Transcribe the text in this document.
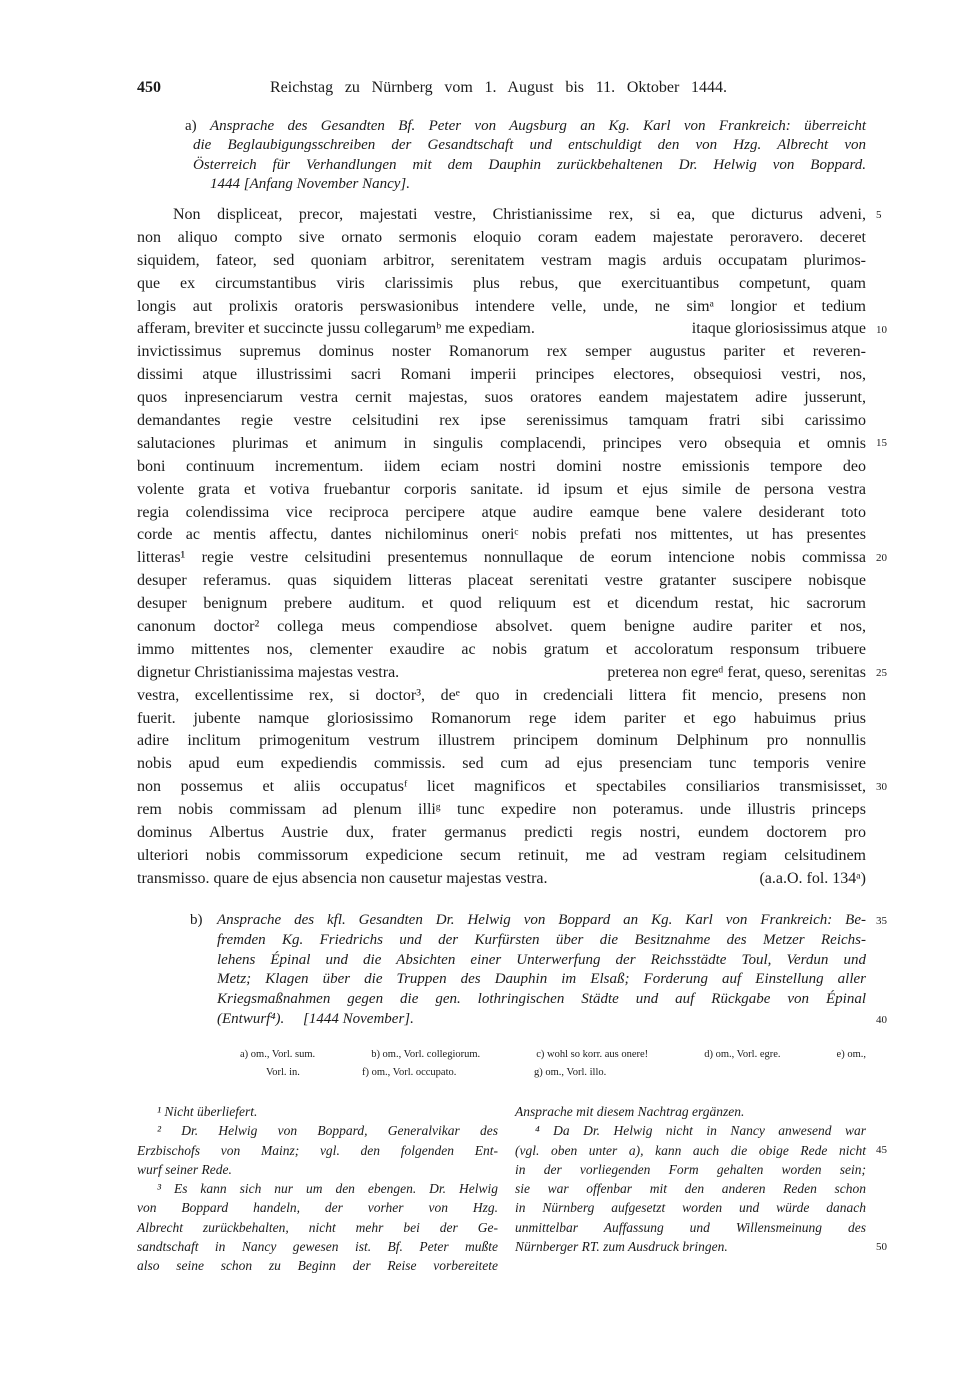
450	Reichstag zu Nürnberg vom 1. August bis 11. Oktober 1444.
a) Ansprache des Gesandten Bf. Peter von Augsburg an Kg. Karl von Frankreich: überreicht
die Beglaubigungsschreiben der Gesandtschaft und entschuldigt den von Hzg. Albrecht von
Österreich für Verhandlungen mit dem Dauphin zurückbehaltenen Dr. Helwig von Boppard.
1444 [Anfang November Nancy].
Non displiceat, precor, majestati vestre, Christianissime rex, si ea, que dicturus adveni,
non aliquo compto sive ornato sermonis eloquio coram eadem majestate peroravero. deceret
siquidem, fateor, sed quoniam arbitror, serenitatem vestram magis arduis occupatam plurimos-
que ex circumstantibus viris clarissimis plus rebus, que exercituantibus competunt, quam
longis aut prolixis oratoris perswasionibus intendere velle, unde, ne simᵃ longior et tedium
afferam, breviter et succincte jussu collegarumᵇ me expediam.	itaque gloriosissimus atque
invictissimus supremus dominus noster Romanorum rex semper augustus pariter et reveren-
dissimi atque illustrissimi sacri Romani imperii principes electores, obsequiosi vestri, nos,
quos inpresenciarum vestra cernit majestas, suos oratores eandem majestatem adire jusserunt,
demandantes regie vestre celsitudini rex ipse serenissimus tamquam fratri sibi carissimo
salutaciones plurimas et animum in singulis complacendi, principes vero obsequia et omnis
boni continuum incrementum. iidem eciam nostri domini nostre emissionis tempore deo
volente grata et votiva fruebantur corporis sanitate. id ipsum et ejus simile de persona vestra
regia colendissima vice reciproca percipere atque audire eamque bene valere desiderant toto
corde ac mentis affectu, dantes nichilominus oneriᶜ nobis prefati nos mittentes, ut has presentes
litteras¹ regie vestre celsitudini presentemus nonnullaque de eorum intencione nobis commissa
desuper referamus. quas siquidem litteras placeat serenitati vestre gratanter suscipere nobisque
desuper benignum prebere auditum. et quod reliquum est et dicendum restat, hic sacrorum
canonum doctor² collega meus compendiose absolvet. quem benigne audire pariter et nos,
immo mittentes nos, clementer exaudire ac nobis gratum et accoloratum responsum tribuere
dignetur Christianissima majestas vestra.	preterea non egreᵈ ferat, queso, serenitas
vestra, excellentissime rex, si doctor³, deᵉ quo in credenciali littera fit mencio, presens non
fuerit. jubente namque gloriosissimo Romanorum rege idem pariter et ego habuimus prius
adire inclitum primogenitum vestrum illustrem principem dominum Delphinum pro nonnullis
nobis apud eum expediendis commissis. sed cum ad ejus presenciam tunc temporis venire
non possemus et aliis occupatusᶠ licet magnificos et spectabiles consiliarios transmisisset,
rem nobis commissam ad plenum illiᵍ tunc expedire non poteramus. unde illustris princeps
dominus Albertus Austrie dux, frater germanus predicti regis nostri, eundem doctorem pro
ulteriori nobis commissorum expedicione secum retinuit, me ad vestram regiam celsitudinem
transmisso. quare de ejus absencia non causetur majestas vestra.	(a.a.O. fol. 134ᵃ)
b) Ansprache des kfl. Gesandten Dr. Helwig von Boppard an Kg. Karl von Frankreich: Be-
fremden Kg. Friedrichs und der Kurfürsten über die Besitznahme des Metzer Reichs-
lehens Épinal und die Absichten einer Unterwerfung der Reichsstädte Toul, Verdun und
Metz; Klagen über die Truppen des Dauphin im Elsaß; Forderung auf Einstellung aller
Kriegsmaßnahmen gegen die gen. lothringischen Städte und auf Rückgabe von Épinal
(Entwurf⁴).     [1444 November].
5
10
15
20
25
30
35
40
45
50
a) om., Vorl. sum.	b) om., Vorl. collegiorum.	c) wohl so korr. aus onere!	d) om., Vorl. egre.	e) om.,
Vorl. in.	f) om., Vorl. occupato.	g) om., Vorl. illo.
¹ Nicht überliefert.
² Dr. Helwig von Boppard, Generalvikar des
Erzbischofs von Mainz; vgl. den folgenden Ent-
wurf seiner Rede.
³ Es kann sich nur um den ebengen. Dr. Helwig
von Boppard handeln, der vorher von Hzg.
Albrecht zurückbehalten, nicht mehr bei der Ge-
sandtschaft in Nancy gewesen ist. Bf. Peter mußte
also seine schon zu Beginn der Reise vorbereitete
Ansprache mit diesem Nachtrag ergänzen.
⁴ Da Dr. Helwig nicht in Nancy anwesend war
(vgl. oben unter a), kann auch die obige Rede nicht
in der vorliegenden Form gehalten worden sein;
sie war offenbar mit den anderen Reden schon
in Nürnberg aufgesetzt worden und würde danach
unmittelbar Auffassung und Willensmeinung des
Nürnberger RT. zum Ausdruck bringen.
